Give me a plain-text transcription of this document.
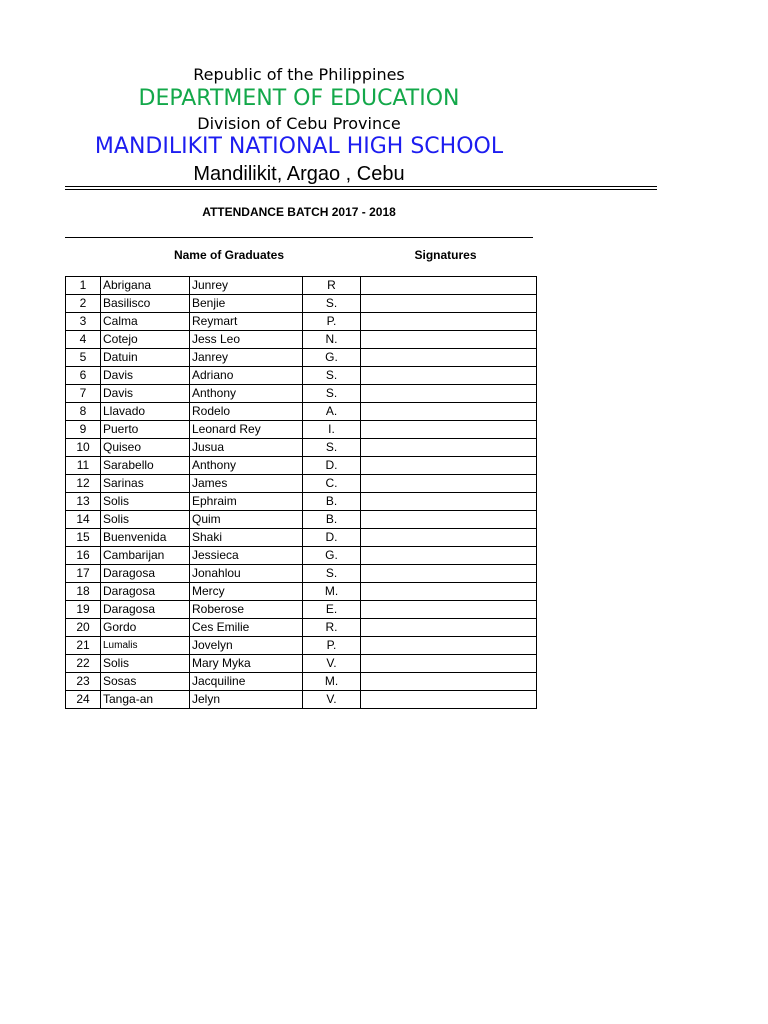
Republic of the Philippines
DEPARTMENT OF EDUCATION
Division of Cebu Province
MANDILIKIT NATIONAL HIGH SCHOOL
Mandilikit, Argao , Cebu
ATTENDANCE BATCH 2017 - 2018
Name of Graduates	Signatures
1	Abrigana	Junrey	R	
2	Basilisco	Benjie	S.	
3	Calma	Reymart	P.	
4	Cotejo	Jess Leo	N.	
5	Datuin	Janrey	G.	
6	Davis	Adriano	S.	
7	Davis	Anthony	S.	
8	Llavado	Rodelo	A.	
9	Puerto	Leonard Rey	I.	
10	Quiseo	Jusua	S.	
11	Sarabello	Anthony	D.	
12	Sarinas	James	C.	
13	Solis	Ephraim	B.	
14	Solis	Quim	B.	
15	Buenvenida	Shaki	D.	
16	Cambarijan	Jessieca	G.	
17	Daragosa	Jonahlou	S.	
18	Daragosa	Mercy	M.	
19	Daragosa	Roberose	E.	
20	Gordo	Ces Emilie	R.	
21	Lumalis	Jovelyn	P.	
22	Solis	Mary Myka	V.	
23	Sosas	Jacquiline	M.	
24	Tanga-an	Jelyn	V.	
